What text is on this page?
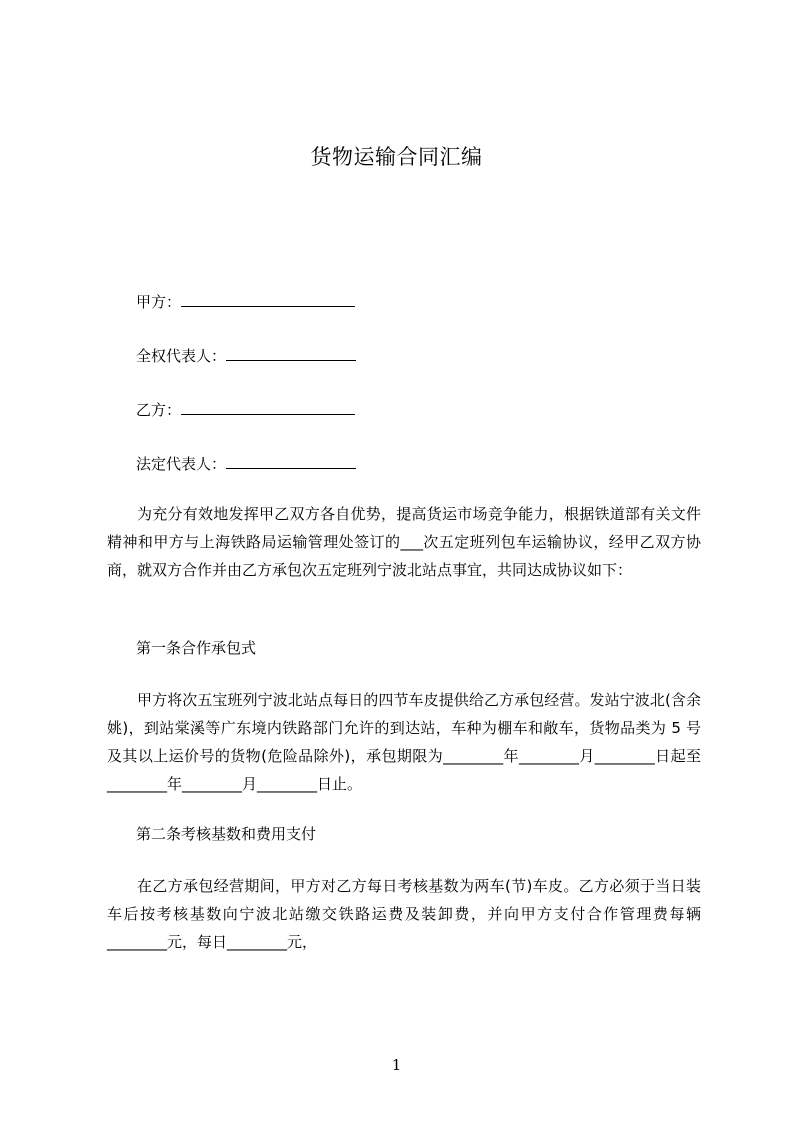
货物运输合同汇编
甲方：
全权代表人：
乙方：
法定代表人：

为充分有效地发挥甲乙双方各自优势，提高货运市场竞争能力，根据铁道部有关文件精神和甲方与上海铁路局运输管理处签订的___次五定班列包车运输协议，经甲乙双方协商，就双方合作并由乙方承包次五定班列宁波北站点事宜，共同达成协议如下：

第一条合作承包式

甲方将次五宝班列宁波北站点每日的四节车皮提供给乙方承包经营。发站宁波北(含余姚)，到站棠溪等广东境内铁路部门允许的到达站，车种为棚车和敞车，货物品类为 5 号及其以上运价号的货物(危险品除外)，承包期限为________年________月________日起至________年________月________日止。

第二条考核基数和费用支付

在乙方承包经营期间，甲方对乙方每日考核基数为两车(节)车皮。乙方必须于当日装车后按考核基数向宁波北站缴交铁路运费及装卸费，并向甲方支付合作管理费每辆________元，每日________元，

1
